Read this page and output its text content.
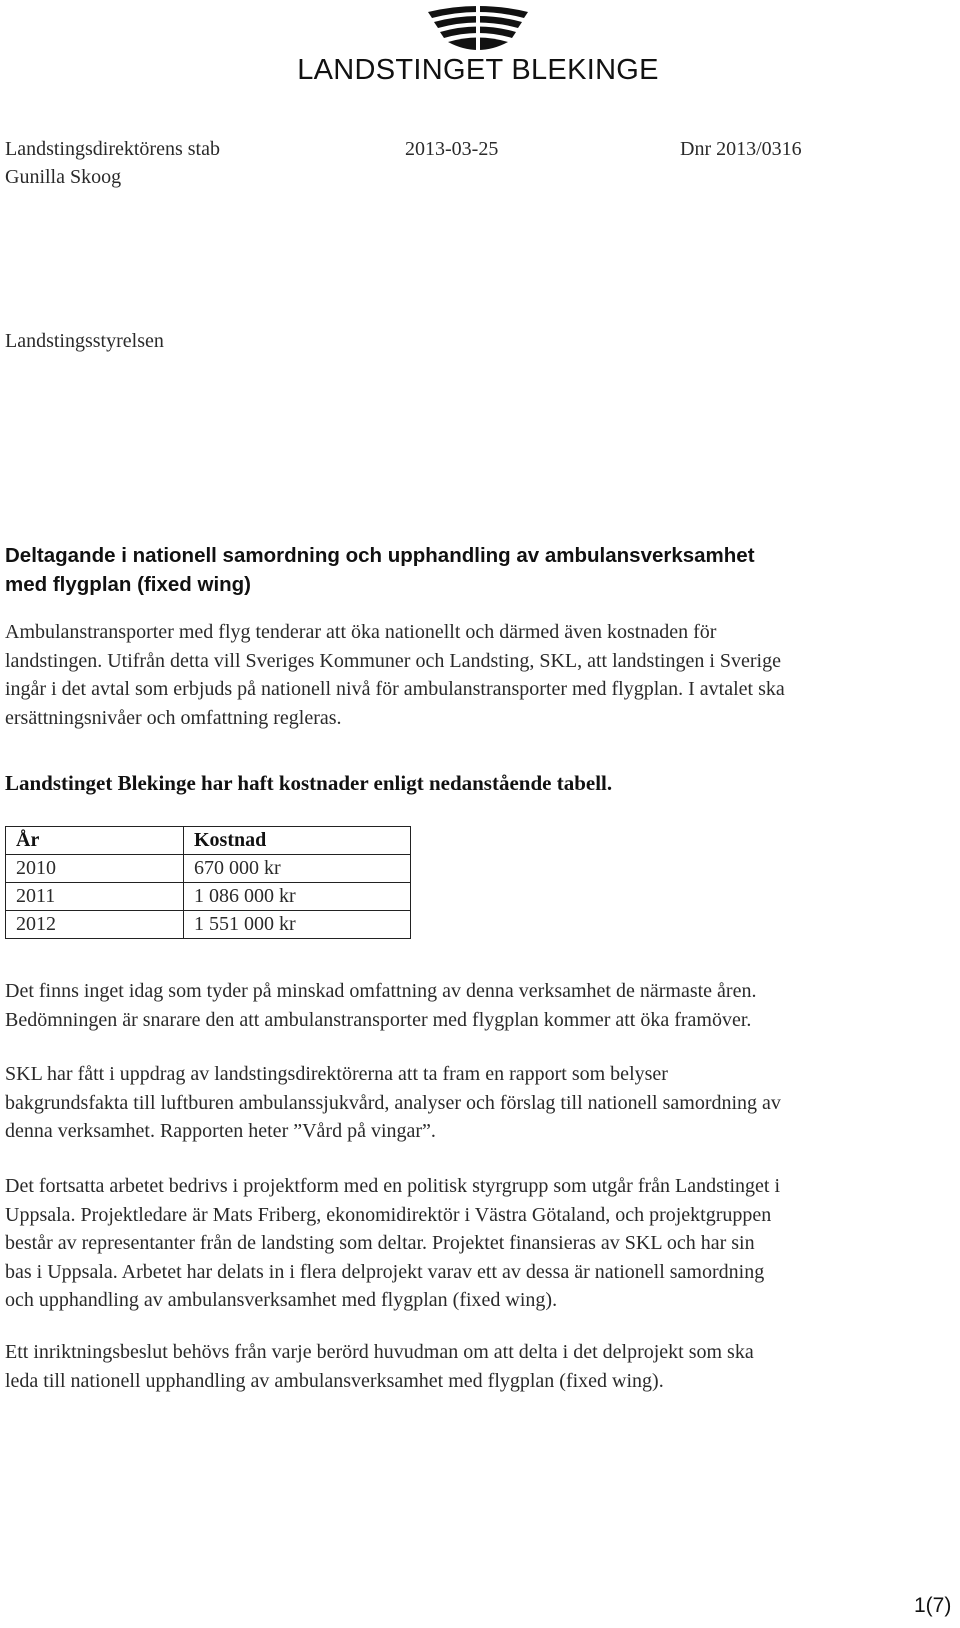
LANDSTINGET BLEKINGE
Landstingsdirektörens stab	2013-03-25	Dnr 2013/0316
Gunilla Skoog
Landstingsstyrelsen
Deltagande i nationell samordning och upphandling av ambulansverksamhet
med flygplan (fixed wing)
Ambulanstransporter med flyg tenderar att öka nationellt och därmed även kostnaden för
landstingen. Utifrån detta vill Sveriges Kommuner och Landsting, SKL, att landstingen i Sverige
ingår i det avtal som erbjuds på nationell nivå för ambulanstransporter med flygplan. I avtalet ska
ersättningsnivåer och omfattning regleras.
Landstinget Blekinge har haft kostnader enligt nedanstående tabell.
År	Kostnad
2010	670 000 kr
2011	1 086 000 kr
2012	1 551 000 kr
Det finns inget idag som tyder på minskad omfattning av denna verksamhet de närmaste åren.
Bedömningen är snarare den att ambulanstransporter med flygplan kommer att öka framöver.
SKL har fått i uppdrag av landstingsdirektörerna att ta fram en rapport som belyser
bakgrundsfakta till luftburen ambulanssjukvård, analyser och förslag till nationell samordning av
denna verksamhet. Rapporten heter ”Vård på vingar”.
Det fortsatta arbetet bedrivs i projektform med en politisk styrgrupp som utgår från Landstinget i
Uppsala. Projektledare är Mats Friberg, ekonomidirektör i Västra Götaland, och projektgruppen
består av representanter från de landsting som deltar. Projektet finansieras av SKL och har sin
bas i Uppsala. Arbetet har delats in i flera delprojekt varav ett av dessa är nationell samordning
och upphandling av ambulansverksamhet med flygplan (fixed wing).
Ett inriktningsbeslut behövs från varje berörd huvudman om att delta i det delprojekt som ska
leda till nationell upphandling av ambulansverksamhet med flygplan (fixed wing).
1(7)
